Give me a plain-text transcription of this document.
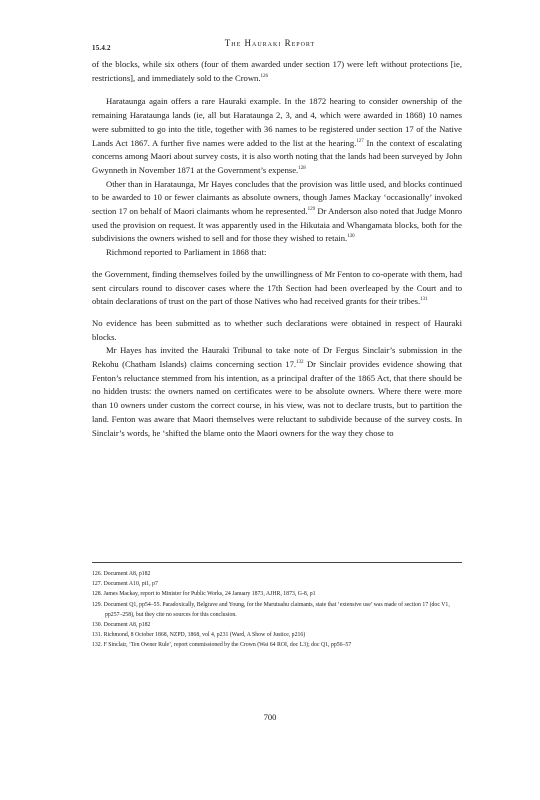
15.4.2	The Hauraki Report

of the blocks, while six others (four of them awarded under section 17) were left without protections [ie, restrictions], and immediately sold to the Crown.$^{126}$

Harataunga again offers a rare Hauraki example. In the 1872 hearing to consider ownership of the remaining Harataunga lands (ie, all but Harataunga 2, 3, and 4, which were awarded in 1868) 10 names were submitted to go into the title, together with 36 names to be registered under section 17 of the Native Lands Act 1867. A further five names were added to the list at the hearing.$^{127}$ In the context of escalating concerns among Maori about survey costs, it is also worth noting that the lands had been surveyed by John Gwynneth in November 1871 at the Government’s expense.$^{128}$

Other than in Harataunga, Mr Hayes concludes that the provision was little used, and blocks continued to be awarded to 10 or fewer claimants as absolute owners, though James Mackay ‘occasionally’ invoked section 17 on behalf of Maori claimants whom he represented.$^{129}$ Dr Anderson also noted that Judge Monro used the provision on request. It was apparently used in the Hikutaia and Whangamata blocks, both for the subdivisions the owners wished to sell and for those they wished to retain.$^{130}$

Richmond reported to Parliament in 1868 that:

the Government, finding themselves foiled by the unwillingness of Mr Fenton to co-operate with them, had sent circulars round to discover cases where the 17th Section had been overleaped by the Court and to obtain declarations of trust on the part of those Natives who had received grants for their tribes.$^{131}$

No evidence has been submitted as to whether such declarations were obtained in respect of Hauraki blocks.

Mr Hayes has invited the Hauraki Tribunal to take note of Dr Fergus Sinclair’s submission in the Rekohu (Chatham Islands) claims concerning section 17.$^{132}$ Dr Sinclair provides evidence showing that Fenton’s reluctance stemmed from his intention, as a principal drafter of the 1865 Act, that there should be no hidden trusts: the owners named on certificates were to be absolute owners. Where there were more than 10 owners under custom the correct course, in his view, was not to declare trusts, but to partition the land. Fenton was aware that Maori themselves were reluctant to subdivide because of the survey costs. In Sinclair’s words, he ‘shifted the blame onto the Maori owners for the way they chose to

126. Document A8, p182
127. Document A10, pt1, p7
128. James Mackay, report to Minister for Public Works, 24 January 1873, AJHR, 1873, G-8, p1
129. Document Q1, pp54–55. Paradoxically, Belgrave and Young, for the Marutuahu claimants, state that ‘extensive use’ was made of section 17 (doc V1, pp257–258), but they cite no sources for this conclusion.
130. Document A8, p182
131. Richmond, 8 October 1868, NZPD, 1868, vol 4, p231 (Ward, A Show of Justice, p216)
132. F Sinclair, ‘Ten Owner Rule’, report commissioned by the Crown (Wai 64 ROI, doc L3); doc Q1, pp56–57
700
